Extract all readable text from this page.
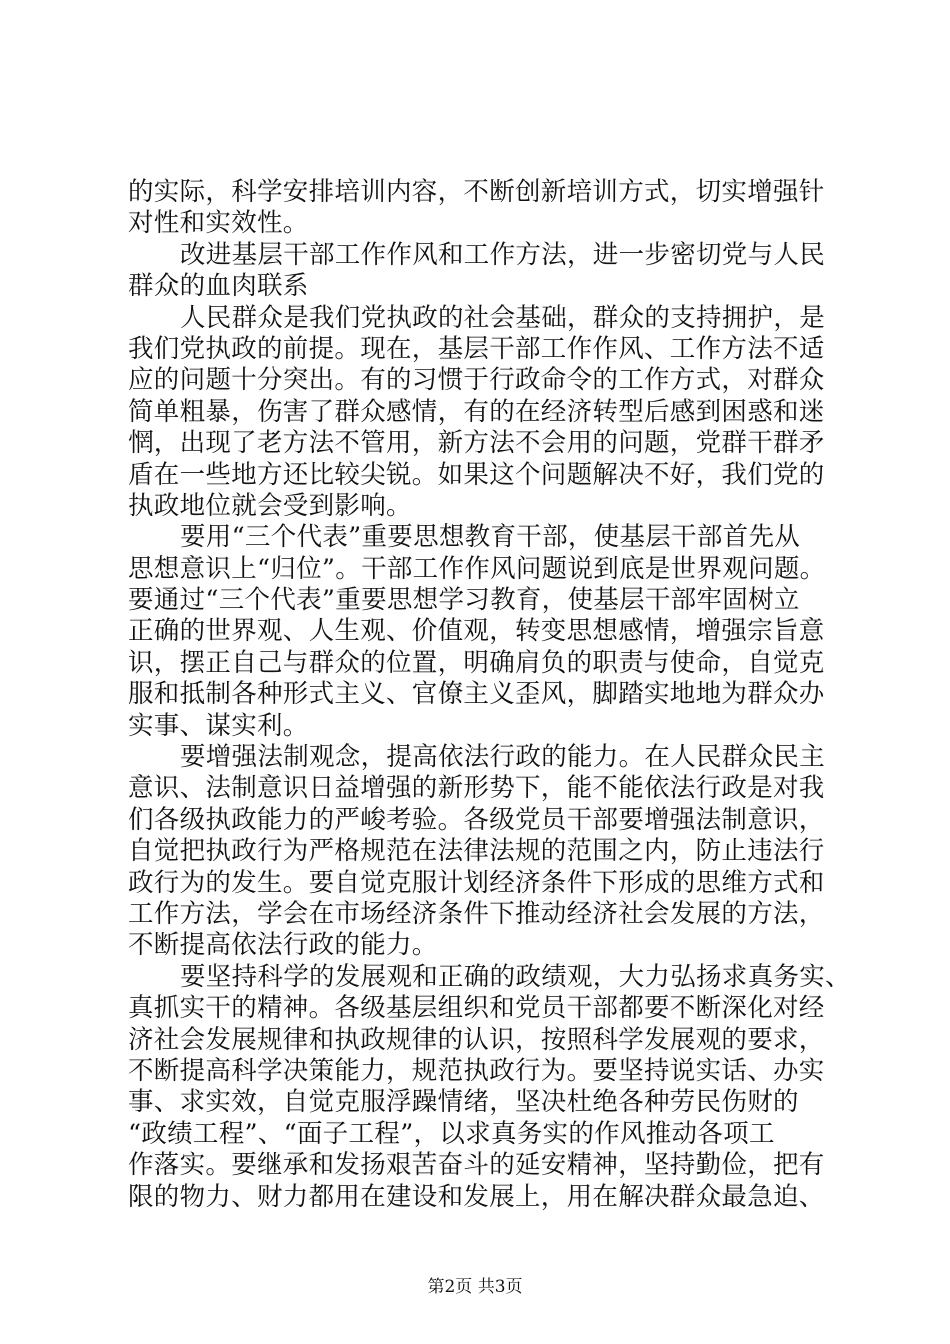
的实际，科学安排培训内容，不断创新培训方式，切实增强针
对性和实效性。
改进基层干部工作作风和工作方法，进一步密切党与人民
群众的血肉联系
人民群众是我们党执政的社会基础，群众的支持拥护，是
我们党执政的前提。现在，基层干部工作作风、工作方法不适
应的问题十分突出。有的习惯于行政命令的工作方式，对群众
简单粗暴，伤害了群众感情，有的在经济转型后感到困惑和迷
惘，出现了老方法不管用，新方法不会用的问题，党群干群矛
盾在一些地方还比较尖锐。如果这个问题解决不好，我们党的
执政地位就会受到影响。
要用“三个代表”重要思想教育干部，使基层干部首先从
思想意识上“归位”。干部工作作风问题说到底是世界观问题。
要通过“三个代表”重要思想学习教育，使基层干部牢固树立
正确的世界观、人生观、价值观，转变思想感情，增强宗旨意
识，摆正自己与群众的位置，明确肩负的职责与使命，自觉克
服和抵制各种形式主义、官僚主义歪风，脚踏实地地为群众办
实事、谋实利。
要增强法制观念，提高依法行政的能力。在人民群众民主
意识、法制意识日益增强的新形势下，能不能依法行政是对我
们各级执政能力的严峻考验。各级党员干部要增强法制意识，
自觉把执政行为严格规范在法律法规的范围之内，防止违法行
政行为的发生。要自觉克服计划经济条件下形成的思维方式和
工作方法，学会在市场经济条件下推动经济社会发展的方法，
不断提高依法行政的能力。
要坚持科学的发展观和正确的政绩观，大力弘扬求真务实、
真抓实干的精神。各级基层组织和党员干部都要不断深化对经
济社会发展规律和执政规律的认识，按照科学发展观的要求，
不断提高科学决策能力，规范执政行为。要坚持说实话、办实
事、求实效，自觉克服浮躁情绪，坚决杜绝各种劳民伤财的
“政绩工程”、“面子工程”，以求真务实的作风推动各项工
作落实。要继承和发扬艰苦奋斗的延安精神，坚持勤俭，把有
限的物力、财力都用在建设和发展上，用在解决群众最急迫、
第2页 共3页
